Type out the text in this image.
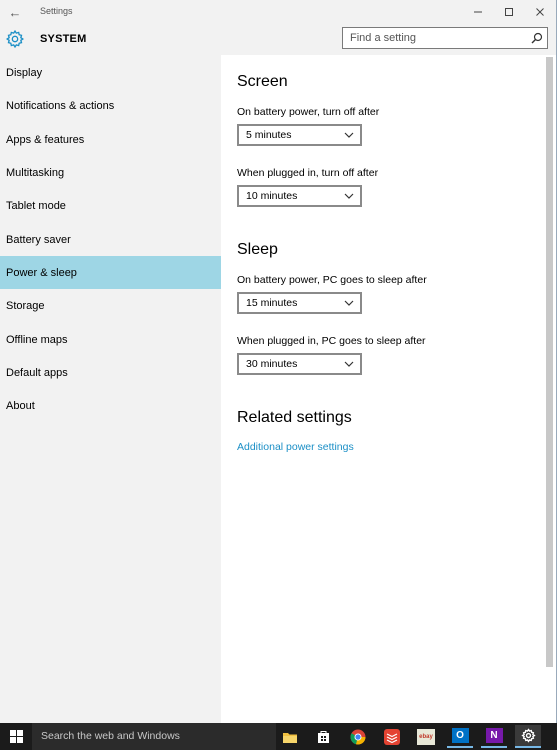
←	Settings
SYSTEM
Display
Notifications & actions
Apps & features
Multitasking
Tablet mode
Battery saver
Power & sleep
Storage
Offline maps
Default apps
About
Find a setting
Screen
On battery power, turn off after
5 minutes
When plugged in, turn off after
10 minutes
Sleep
On battery power, PC goes to sleep after
15 minutes
When plugged in, PC goes to sleep after
30 minutes
Related settings
Additional power settings
Search the web and Windows	ebay O	N
